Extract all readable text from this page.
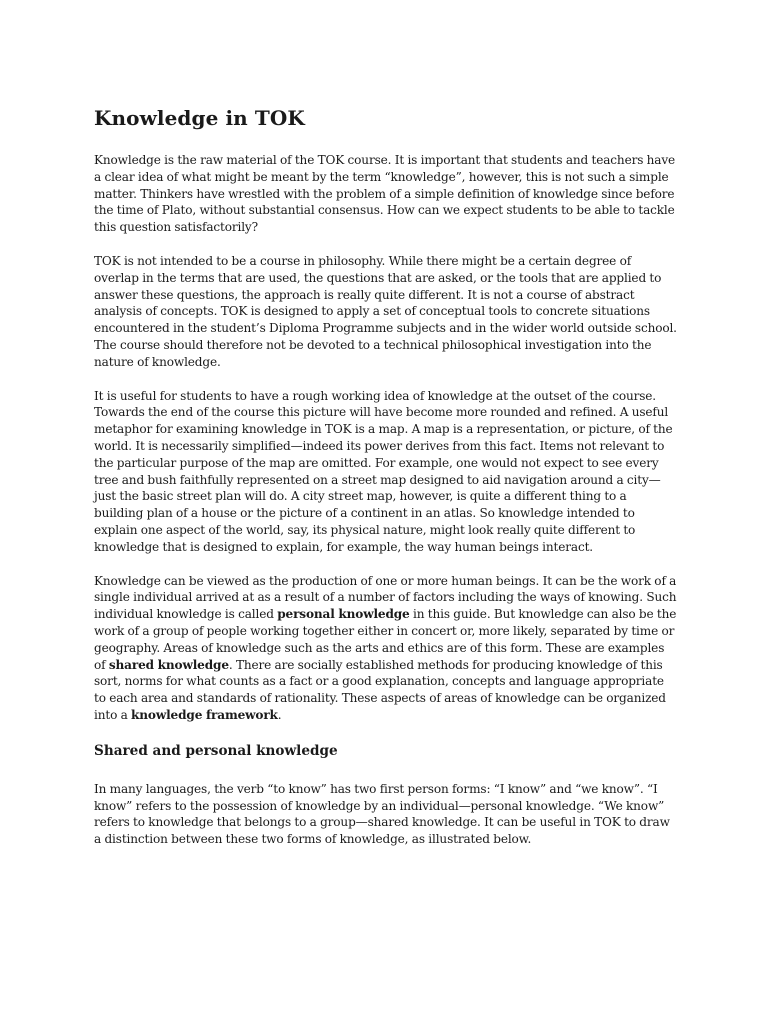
Knowledge in TOK

Knowledge is the raw material of the TOK course. It is important that students and teachers have a clear idea of what might be meant by the term “knowledge”, however, this is not such a simple matter. Thinkers have wrestled with the problem of a simple definition of knowledge since before the time of Plato, without substantial consensus. How can we expect students to be able to tackle this question satisfactorily?

TOK is not intended to be a course in philosophy. While there might be a certain degree of overlap in the terms that are used, the questions that are asked, or the tools that are applied to answer these questions, the approach is really quite different. It is not a course of abstract analysis of concepts. TOK is designed to apply a set of conceptual tools to concrete situations encountered in the student’s Diploma Programme subjects and in the wider world outside school. The course should therefore not be devoted to a technical philosophical investigation into the nature of knowledge.

It is useful for students to have a rough working idea of knowledge at the outset of the course. Towards the end of the course this picture will have become more rounded and refined. A useful metaphor for examining knowledge in TOK is a map. A map is a representation, or picture, of the world. It is necessarily simplified—indeed its power derives from this fact. Items not relevant to the particular purpose of the map are omitted. For example, one would not expect to see every tree and bush faithfully represented on a street map designed to aid navigation around a city—just the basic street plan will do. A city street map, however, is quite a different thing to a building plan of a house or the picture of a continent in an atlas. So knowledge intended to explain one aspect of the world, say, its physical nature, might look really quite different to knowledge that is designed to explain, for example, the way human beings interact.

Knowledge can be viewed as the production of one or more human beings. It can be the work of a single individual arrived at as a result of a number of factors including the ways of knowing. Such individual knowledge is called personal knowledge in this guide. But knowledge can also be the work of a group of people working together either in concert or, more likely, separated by time or geography. Areas of knowledge such as the arts and ethics are of this form. These are examples of shared knowledge. There are socially established methods for producing knowledge of this sort, norms for what counts as a fact or a good explanation, concepts and language appropriate to each area and standards of rationality. These aspects of areas of knowledge can be organized into a knowledge framework.

Shared and personal knowledge

In many languages, the verb “to know” has two first person forms: “I know” and “we know”. “I know” refers to the possession of knowledge by an individual—personal knowledge. “We know” refers to knowledge that belongs to a group—shared knowledge. It can be useful in TOK to draw a distinction between these two forms of knowledge, as illustrated below.
